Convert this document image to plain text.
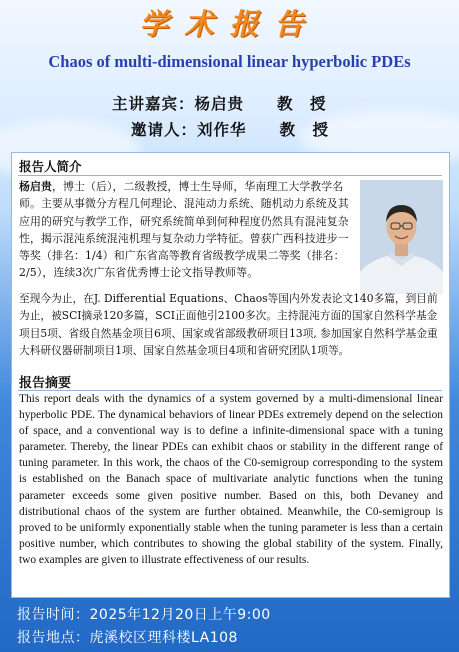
学术报告
Chaos of multi-dimensional linear hyperbolic PDEs
主讲嘉宾：杨启贵　　 教　授
邀请人：刘作华　　 教　授
报告人简介
杨启贵，博士（后），二级教授，博士生导师，华南理工大学教学名师。主要从事微分方程几何理论、混沌动力系统、随机动力系统及其应用的研究与教学工作，研究系统简单到何种程度仍然具有混沌复杂性，揭示混沌系统混沌机理与复杂动力学特征。曾获广西科技进步一等奖（排名：1/4）和广东省高等教育省级教学成果二等奖（排名：2/5），连续3次广东省优秀博士论文指导教师等。
至现今为止，在J. Differential Equations、Chaos等国内外发表论文140多篇，到目前为止，被SCI摘录120多篇，SCI正面他引2100多次。主持混沌方面的国家自然科学基金项目5项、省级自然基金项目6项、国家或省部级教研项目13项, 参加国家自然科学基金重大科研仪器研制项目1项、国家自然基金项目4项和省研究团队1项等。
报告摘要
This report deals with the dynamics of a system governed by a multi-dimensional linear hyperbolic PDE. The dynamical behaviors of linear PDEs extremely depend on the selection of space, and a conventional way is to define a infinite-dimensional space with a tuning parameter. Thereby, the linear PDEs can exhibit chaos or stability in the different range of tuning parameter. In this work, the chaos of the C0-semigroup corresponding to the system is established on the Banach space of multivariate analytic functions when the tuning parameter exceeds some given positive number. Based on this, both Devaney and distributional chaos of the system are further obtained. Meanwhile, the C0-semigroup is proved to be uniformly exponentially stable when the tuning parameter is less than a certain positive number, which contributes to showing the global stability of the system. Finally, two examples are given to illustrate effectiveness of our results.
报告时间：2025年12月20日上午9:00
报告地点：虎溪校区理科楼LA108
